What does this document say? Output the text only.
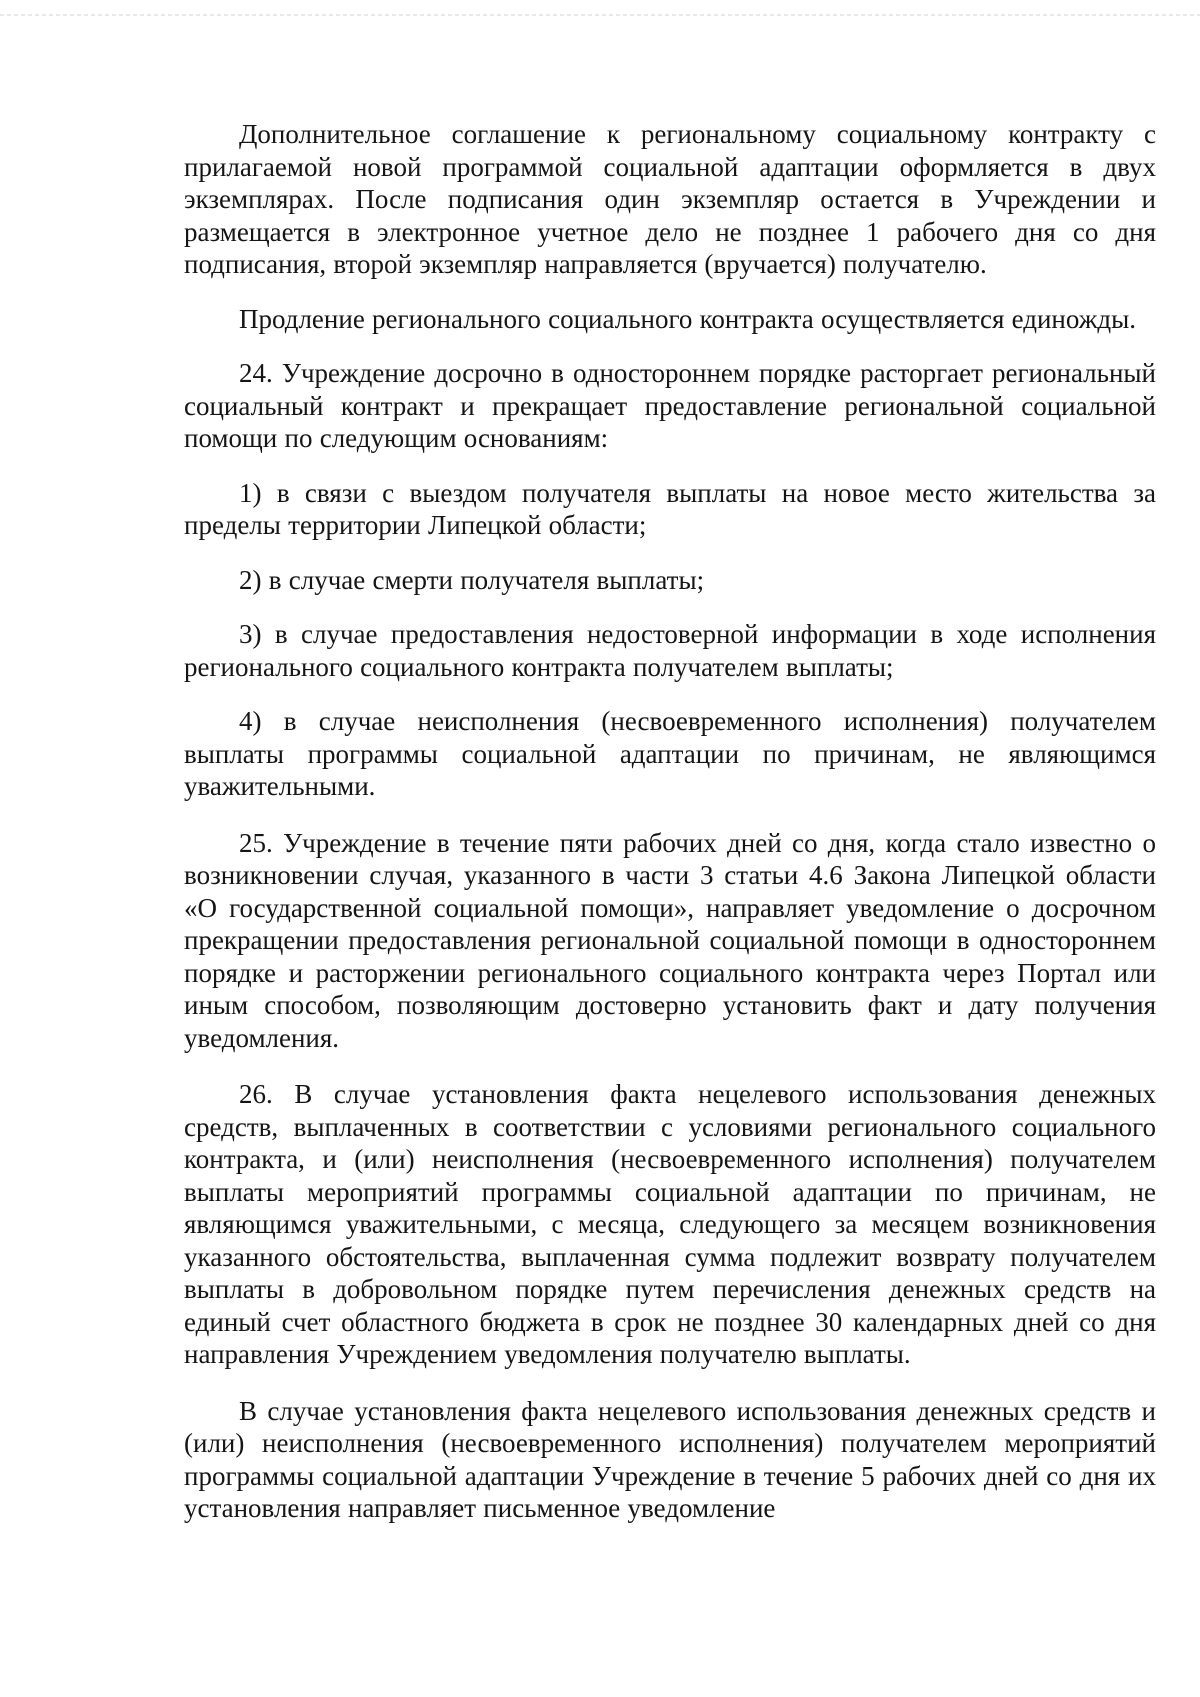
Дополнительное соглашение к региональному социальному контракту с прилагаемой новой программой социальной адаптации оформляется в двух экземплярах. После подписания один экземпляр остается в Учреждении и размещается в электронное учетное дело не позднее 1 рабочего дня со дня подписания, второй экземпляр направляется (вручается) получателю.

Продление регионального социального контракта осуществляется единожды.

24. Учреждение досрочно в одностороннем порядке расторгает региональный социальный контракт и прекращает предоставление региональной социальной помощи по следующим основаниям:

1) в связи с выездом получателя выплаты на новое место жительства за пределы территории Липецкой области;

2) в случае смерти получателя выплаты;

3) в случае предоставления недостоверной информации в ходе исполнения регионального социального контракта получателем выплаты;

4) в случае неисполнения (несвоевременного исполнения) получателем выплаты программы социальной адаптации по причинам, не являющимся уважительными.

25. Учреждение в течение пяти рабочих дней со дня, когда стало известно о возникновении случая, указанного в части 3 статьи 4.6 Закона Липецкой области «О государственной социальной помощи», направляет уведомление о досрочном прекращении предоставления региональной социальной помощи в одностороннем порядке и расторжении регионального социального контракта через Портал или иным способом, позволяющим достоверно установить факт и дату получения уведомления.

26. В случае установления факта нецелевого использования денежных средств, выплаченных в соответствии с условиями регионального социального контракта, и (или) неисполнения (несвоевременного исполнения) получателем выплаты мероприятий программы социальной адаптации по причинам, не являющимся уважительными, с месяца, следующего за месяцем возникновения указанного обстоятельства, выплаченная сумма подлежит возврату получателем выплаты в добровольном порядке путем перечисления денежных средств на единый счет областного бюджета в срок не позднее 30 календарных дней со дня направления Учреждением уведомления получателю выплаты.

В случае установления факта нецелевого использования денежных средств и (или) неисполнения (несвоевременного исполнения) получателем мероприятий программы социальной адаптации Учреждение в течение 5 рабочих дней со дня их установления направляет письменное уведомление
